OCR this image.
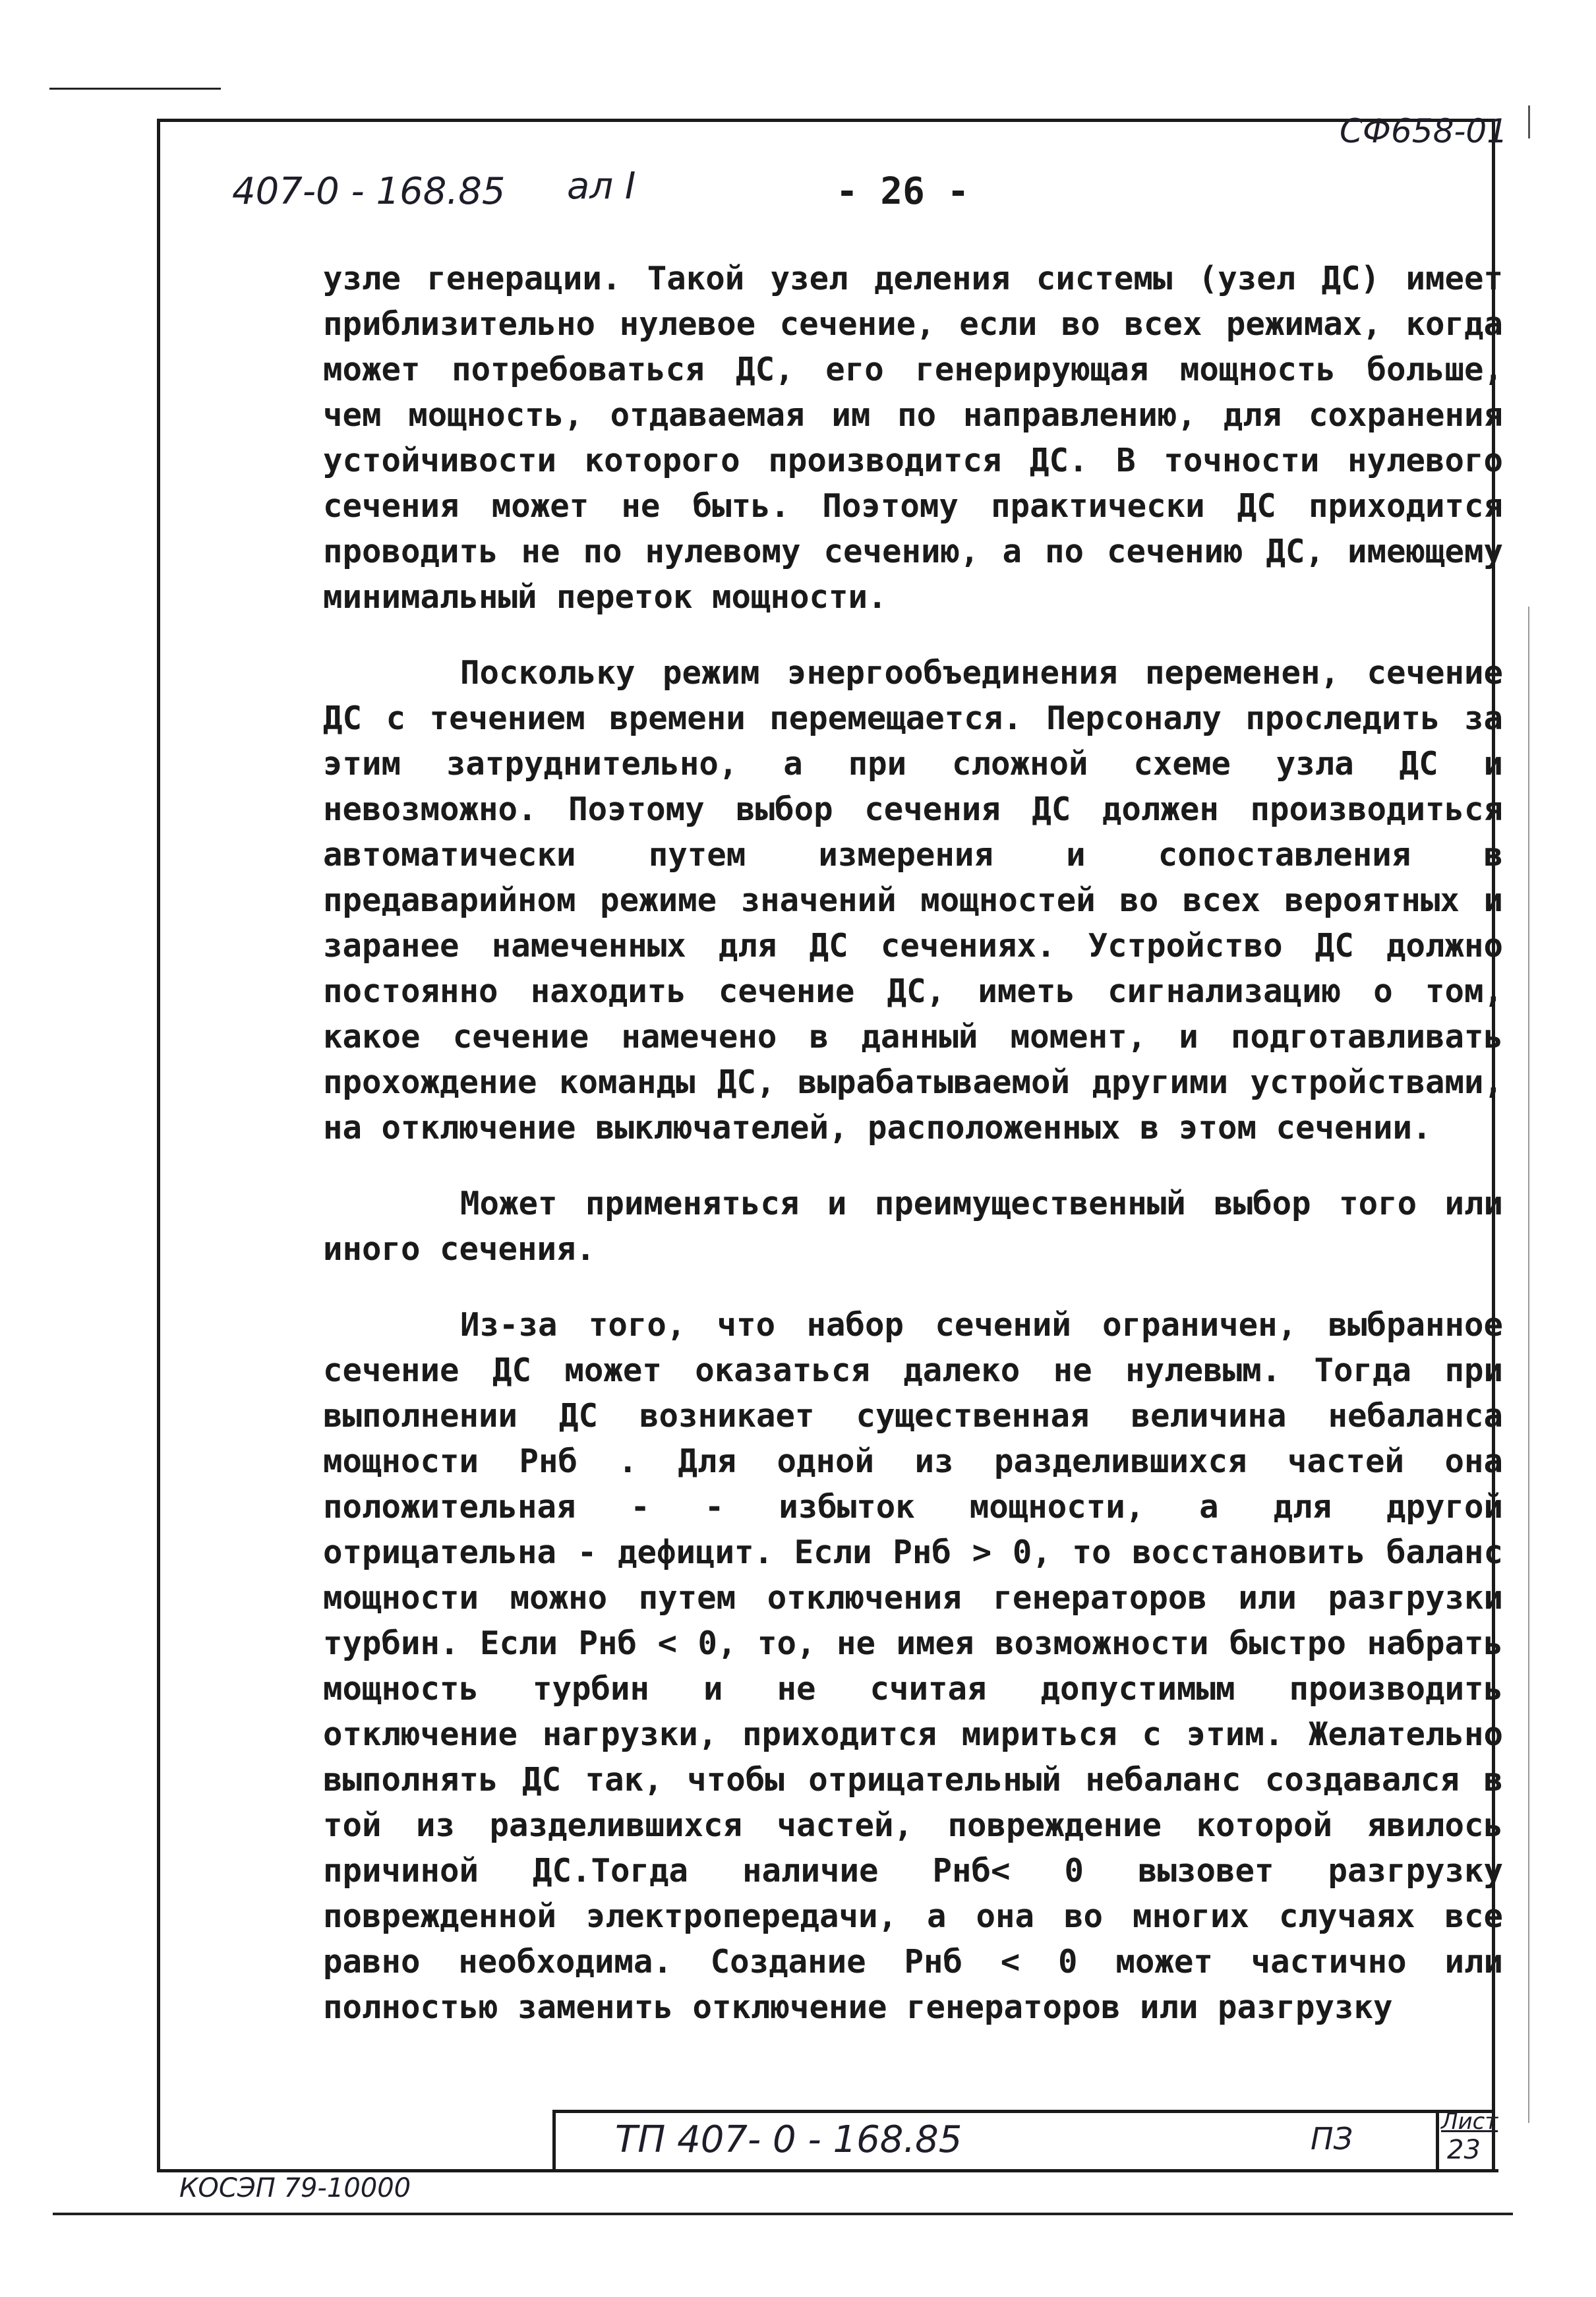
СФ658-01
407-0 - 168.85 ал I	- 26 -

узле генерации. Такой узел деления системы (узел ДС) имеет приблизительно нулевое сечение, если во всех режимах, когда может потребоваться ДС, его генерирующая мощность больше, чем мощность, отдаваемая им по направлению, для сохранения устойчивости которого производится ДС. В точности нулевого сечения может не быть. Поэтому практически ДС приходится проводить не по нулевому сечению, а по сечению ДС, имеющему минимальный переток мощности.

Поскольку режим энергообъединения переменен, сечение ДС с течением времени перемещается. Персоналу проследить за этим затруднительно, а при сложной схеме узла ДС и невозможно. Поэтому выбор сечения ДС должен производиться автоматически путем измерения и сопоставления в предаварийном режиме значений мощностей во всех вероятных и заранее намеченных для ДС сечениях. Устройство ДС должно постоянно находить сечение ДС, иметь сигнализацию о том, какое сечение намечено в данный момент, и подготавливать прохождение команды ДС, вырабатываемой другими устройствами, на отключение выключателей, расположенных в этом сечении.

Может применяться и преимущественный выбор того или иного сечения.

Из-за того, что набор сечений ограничен, выбранное сечение ДС может оказаться далеко не нулевым. Тогда при выполнении ДС возникает существенная величина небаланса мощности Рнб . Для одной из разделившихся частей она положительная - - избыток мощности, а для другой отрицательна - дефицит. Если Рнб > 0, то восстановить баланс мощности можно путем отключения генераторов или разгрузки турбин. Если Рнб < 0, то, не имея возможности быстро набрать мощность турбин и не считая допустимым производить отключение нагрузки, приходится мириться с этим. Желательно выполнять ДС так, чтобы отрицательный небаланс создавался в той из разделившихся частей, повреждение которой явилось причиной ДС.Тогда наличие Рнб< 0 вызовет разгрузку поврежденной электропередачи, а она во многих случаях все равно необходима. Создание Рнб < 0 может частично или полностью заменить отключение генераторов или разгрузку

ТП 407- 0 - 168.85	ПЗ	Лист
23
КОСЭП 79-10000
